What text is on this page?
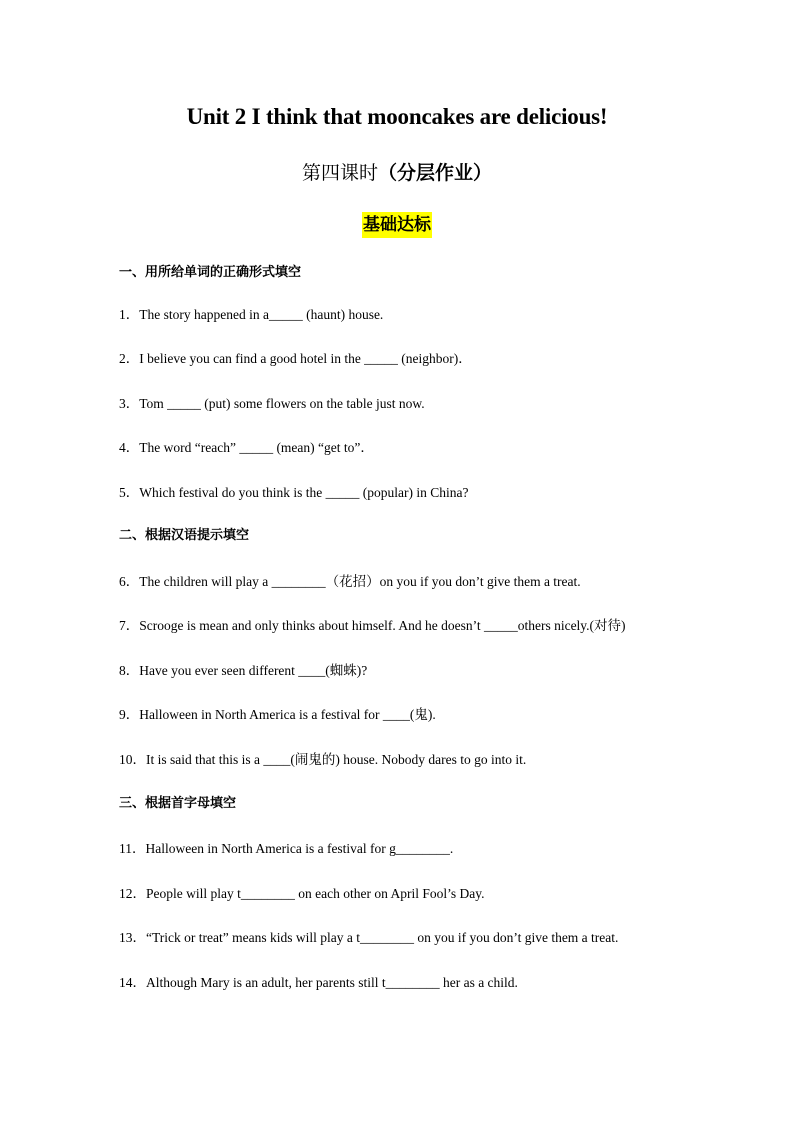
Unit 2 I think that mooncakes are delicious!
第四课时（分层作业）
基础达标
一、用所给单词的正确形式填空
1．The story happened in a_____ (haunt) house.
2．I believe you can find a good hotel in the _____ (neighbor)．
3．Tom _____ (put) some flowers on the table just now.
4．The word “reach” _____ (mean) “get to”．
5．Which festival do you think is the _____ (popular) in China?
二、根据汉语提示填空
6．The children will play a ________（花招）on you if you don’t give them a treat.
7．Scrooge is mean and only thinks about himself. And he doesn’t _____others nicely.(对待)
8．Have you ever seen different ____(蜘蛛)?
9．Halloween in North America is a festival for ____(鬼).
10．It is said that this is a ____(闹鬼的) house. Nobody dares to go into it.
三、根据首字母填空
11．Halloween in North America is a festival for g________.
12．People will play t________ on each other on April Fool’s Day.
13．“Trick or treat” means kids will play a t________ on you if you don’t give them a treat.
14．Although Mary is an adult, her parents still t________ her as a child.
